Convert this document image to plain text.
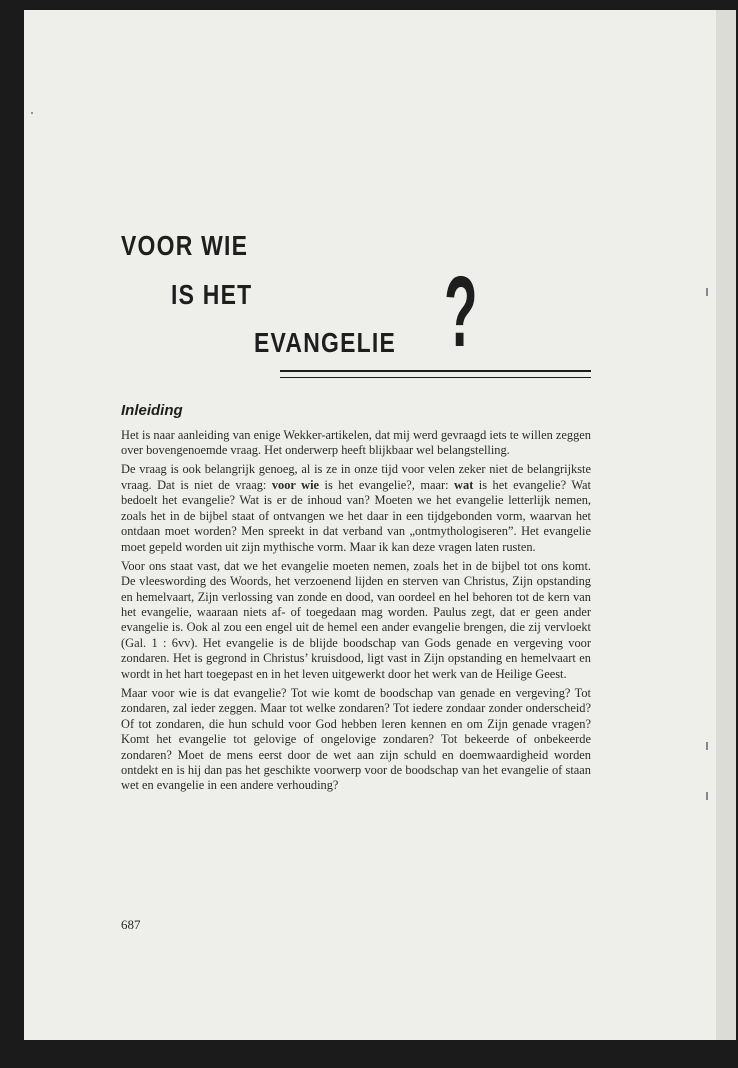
VOOR WIE
IS HET
EVANGELIE ?
Inleiding

Het is naar aanleiding van enige Wekker-artikelen, dat mij werd gevraagd iets te willen zeggen over bovengenoemde vraag. Het onderwerp heeft blijkbaar wel belangstelling.

De vraag is ook belangrijk genoeg, al is ze in onze tijd voor velen zeker niet de belangrijkste vraag. Dat is niet de vraag: voor wie is het evangelie?, maar: wat is het evangelie? Wat bedoelt het evangelie? Wat is er de inhoud van? Moeten we het evangelie letterlijk nemen, zoals het in de bijbel staat of ontvangen we het daar in een tijdgebonden vorm, waarvan het ontdaan moet worden? Men spreekt in dat verband van „ontmythologiseren”. Het evangelie moet gepeld worden uit zijn mythische vorm. Maar ik kan deze vragen laten rusten.

Voor ons staat vast, dat we het evangelie moeten nemen, zoals het in de bijbel tot ons komt. De vleeswording des Woords, het verzoenend lijden en sterven van Christus, Zijn opstanding en hemelvaart, Zijn verlossing van zonde en dood, van oordeel en hel behoren tot de kern van het evangelie, waaraan niets af- of toegedaan mag worden. Paulus zegt, dat er geen ander evangelie is. Ook al zou een engel uit de hemel een ander evangelie brengen, die zij vervloekt (Gal. 1 : 6vv). Het evangelie is de blijde boodschap van Gods genade en vergeving voor zondaren. Het is gegrond in Christus’ kruisdood, ligt vast in Zijn opstanding en hemelvaart en wordt in het hart toegepast en in het leven uitgewerkt door het werk van de Heilige Geest.

Maar voor wie is dat evangelie? Tot wie komt de boodschap van genade en vergeving? Tot zondaren, zal ieder zeggen. Maar tot welke zondaren? Tot iedere zondaar zonder onderscheid? Of tot zondaren, die hun schuld voor God hebben leren kennen en om Zijn genade vragen? Komt het evangelie tot gelovige of ongelovige zondaren? Tot bekeerde of onbekeerde zondaren? Moet de mens eerst door de wet aan zijn schuld en doemwaardigheid worden ontdekt en is hij dan pas het geschikte voorwerp voor de boodschap van het evangelie of staan wet en evangelie in een andere verhouding?

687
